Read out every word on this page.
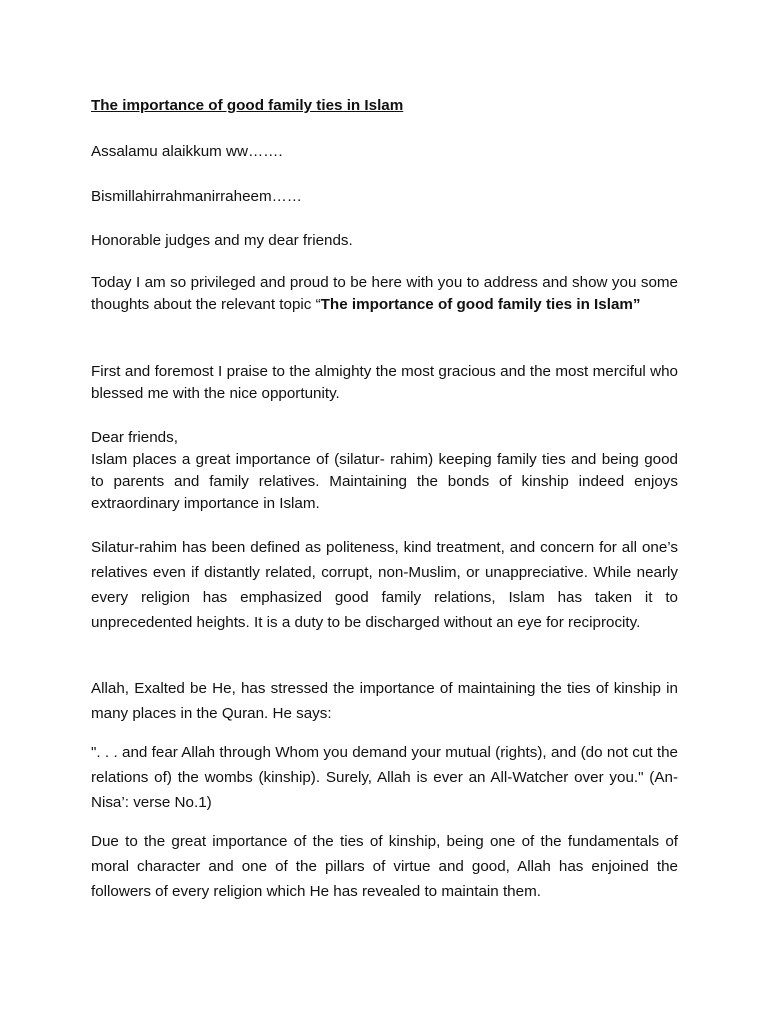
The importance of good family ties in Islam

Assalamu alaikkum ww…….

Bismillahirrahmanirraheem……

Honorable judges and my dear friends.

Today I am so privileged and proud to be here with you to address and show you some thoughts about the relevant topic “The importance of good family ties in Islam”

First and foremost I praise to the almighty the most gracious and the most merciful who blessed me with the nice opportunity.

Dear friends,

Islam places a great importance of (silatur- rahim) keeping family ties and being good to parents and family relatives. Maintaining the bonds of kinship indeed enjoys extraordinary importance in Islam.

Silatur-rahim has been defined as politeness, kind treatment, and concern for all one’s relatives even if distantly related, corrupt, non-Muslim, or unappreciative. While nearly every religion has emphasized good family relations, Islam has taken it to unprecedented heights. It is a duty to be discharged without an eye for reciprocity.

Allah, Exalted be He, has stressed the importance of maintaining the ties of kinship in many places in the Quran. He says:

". . . and fear Allah through Whom you demand your mutual (rights), and (do not cut the relations of) the wombs (kinship). Surely, Allah is ever an All-Watcher over you." (An-Nisa’: verse No.1)

Due to the great importance of the ties of kinship, being one of the fundamentals of moral character and one of the pillars of virtue and good, Allah has enjoined the followers of every religion which He has revealed to maintain them.
